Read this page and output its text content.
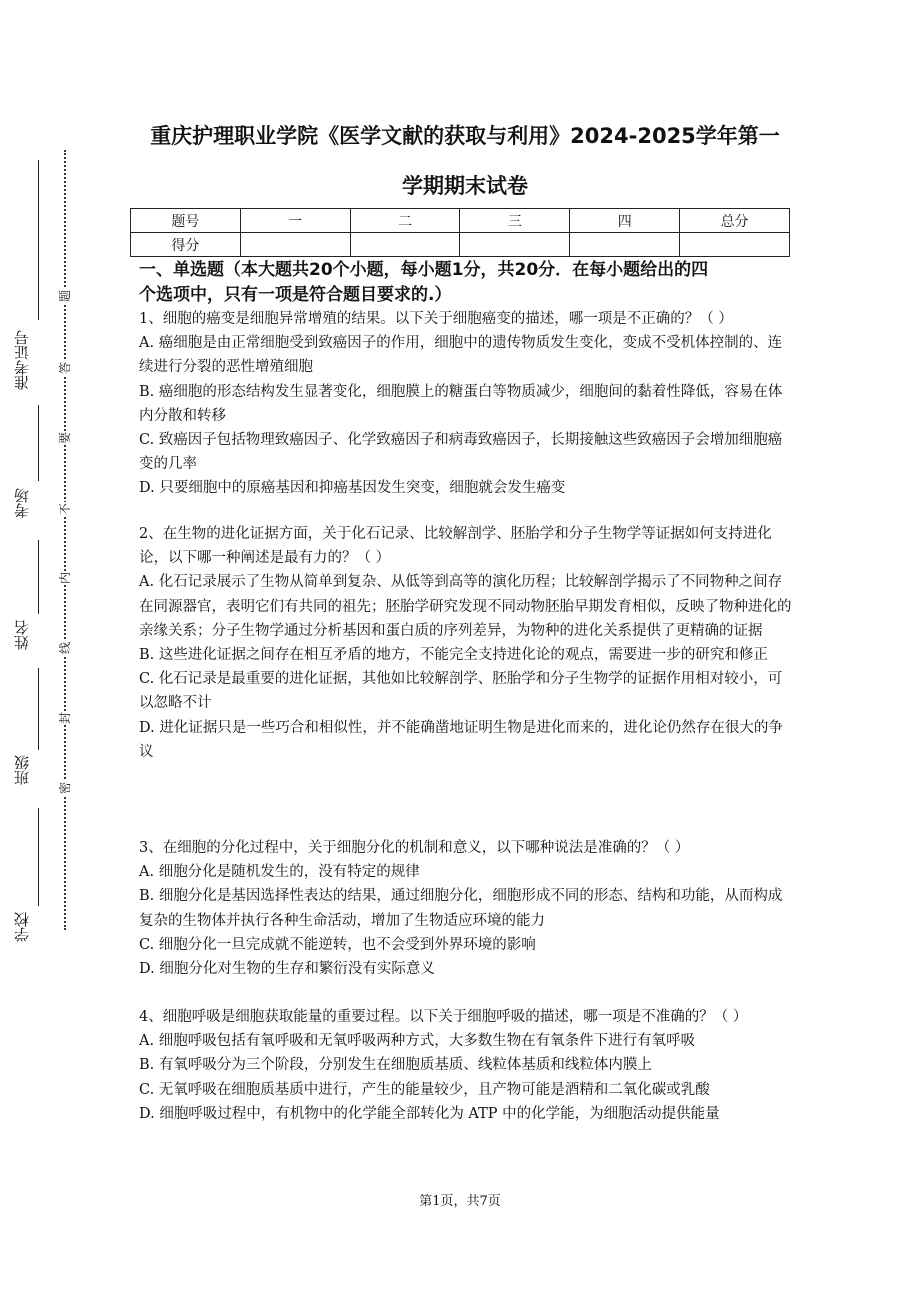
准考证号
考场
姓名
班级
学校
题
答
要
不
内
线
封
密
重庆护理职业学院《医学文献的获取与利用》2024-2025学年第一
学期期末试卷
题号	一	二	三	四	总分
得分					
一、单选题（本大题共20个小题，每小题1分，共20分．在每小题给出的四
个选项中，只有一项是符合题目要求的.）

1、细胞的癌变是细胞异常增殖的结果。以下关于细胞癌变的描述，哪一项是不正确的？（ ）

A. 癌细胞是由正常细胞受到致癌因子的作用，细胞中的遗传物质发生变化，变成不受机体控制的、连续进行分裂的恶性增殖细胞

B. 癌细胞的形态结构发生显著变化，细胞膜上的糖蛋白等物质减少，细胞间的黏着性降低，容易在体内分散和转移

C. 致癌因子包括物理致癌因子、化学致癌因子和病毒致癌因子，长期接触这些致癌因子会增加细胞癌变的几率

D. 只要细胞中的原癌基因和抑癌基因发生突变，细胞就会发生癌变

2、在生物的进化证据方面，关于化石记录、比较解剖学、胚胎学和分子生物学等证据如何支持进化论，以下哪一种阐述是最有力的？（ ）

A. 化石记录展示了生物从简单到复杂、从低等到高等的演化历程；比较解剖学揭示了不同物种之间存在同源器官，表明它们有共同的祖先；胚胎学研究发现不同动物胚胎早期发育相似，反映了物种进化的亲缘关系；分子生物学通过分析基因和蛋白质的序列差异，为物种的进化关系提供了更精确的证据

B. 这些进化证据之间存在相互矛盾的地方，不能完全支持进化论的观点，需要进一步的研究和修正

C. 化石记录是最重要的进化证据，其他如比较解剖学、胚胎学和分子生物学的证据作用相对较小，可以忽略不计

D. 进化证据只是一些巧合和相似性，并不能确凿地证明生物是进化而来的，进化论仍然存在很大的争议

3、在细胞的分化过程中，关于细胞分化的机制和意义，以下哪种说法是准确的？（ ）

A. 细胞分化是随机发生的，没有特定的规律

B. 细胞分化是基因选择性表达的结果，通过细胞分化，细胞形成不同的形态、结构和功能，从而构成复杂的生物体并执行各种生命活动，增加了生物适应环境的能力

C. 细胞分化一旦完成就不能逆转，也不会受到外界环境的影响

D. 细胞分化对生物的生存和繁衍没有实际意义

4、细胞呼吸是细胞获取能量的重要过程。以下关于细胞呼吸的描述，哪一项是不准确的？（ ）

A. 细胞呼吸包括有氧呼吸和无氧呼吸两种方式，大多数生物在有氧条件下进行有氧呼吸

B. 有氧呼吸分为三个阶段，分别发生在细胞质基质、线粒体基质和线粒体内膜上

C. 无氧呼吸在细胞质基质中进行，产生的能量较少，且产物可能是酒精和二氧化碳或乳酸

D. 细胞呼吸过程中，有机物中的化学能全部转化为 ATP 中的化学能，为细胞活动提供能量

第1页，共7页
